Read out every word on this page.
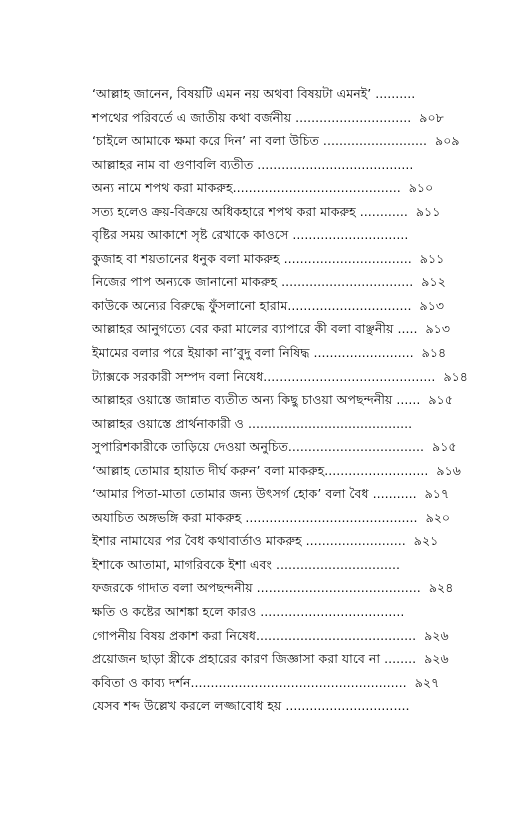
‘আল্লাহ জানেন, বিষয়টি এমন নয় অথবা বিষয়টা এমনই’ ..........
শপথের পরিবর্তে এ জাতীয় কথা বর্জনীয় ............................. ৯০৮
‘চাইলে আমাকে ক্ষমা করে দিন’ না বলা উচিত .......................... ৯০৯
আল্লাহর নাম বা গুণাবলি ব্যতীত .......................................
অন্য নামে শপথ করা মাকরুহ.......................................... ৯১০
সত্য হলেও ক্রয়-বিক্রয়ে অধিকহারে শপথ করা মাকরুহ ............ ৯১১
বৃষ্টির সময় আকাশে সৃষ্ট রেখাকে কাওসে .............................
কুজাহ বা শয়তানের ধনুক বলা মাকরুহ ................................ ৯১১
নিজের পাপ অন্যকে জানানো মাকরুহ ................................. ৯১২
কাউকে অন্যের বিরুদ্ধে ফুঁসলানো হারাম............................... ৯১৩
আল্লাহর আনুগত্যে বের করা মালের ব্যাপারে কী বলা বাঞ্ছনীয় ..... ৯১৩
ইমামের বলার পরে ইয়াকা না’বুদু বলা নিষিদ্ধ ......................... ৯১৪
ট্যাক্সকে সরকারী সম্পদ বলা নিষেধ........................................... ৯১৪
আল্লাহর ওয়াস্তে জান্নাত ব্যতীত অন্য কিছু চাওয়া অপছন্দনীয় ...... ৯১৫
আল্লাহর ওয়াস্তে প্রার্থনাকারী ও .........................................
সুপারিশকারীকে তাড়িয়ে দেওয়া অনুচিত.................................. ৯১৫
‘আল্লাহ তোমার হায়াত দীর্ঘ করুন’ বলা মাকরুহ.......................... ৯১৬
‘আমার পিতা-মাতা তোমার জন্য উৎসর্গ হোক’ বলা বৈধ ........... ৯১৭
অযাচিত অঙ্গভঙ্গি করা মাকরুহ ........................................... ৯২০
ইশার নামাযের পর বৈধ কথাবার্তাও মাকরুহ ......................... ৯২১
ইশাকে আতামা, মাগরিবকে ইশা এবং ...............................
ফজরকে গাদাত বলা অপছন্দনীয় ......................................... ৯২৪
ক্ষতি ও কষ্টের আশঙ্কা হলে কারও ....................................
গোপনীয় বিষয় প্রকাশ করা নিষেধ........................................ ৯২৬
প্রয়োজন ছাড়া স্ত্রীকে প্রহারের কারণ জিজ্ঞাসা করা যাবে না ........ ৯২৬
কবিতা ও কাব্য দর্শন...................................................... ৯২৭
যেসব শব্দ উল্লেখ করলে লজ্জাবোধ হয় ...............................
